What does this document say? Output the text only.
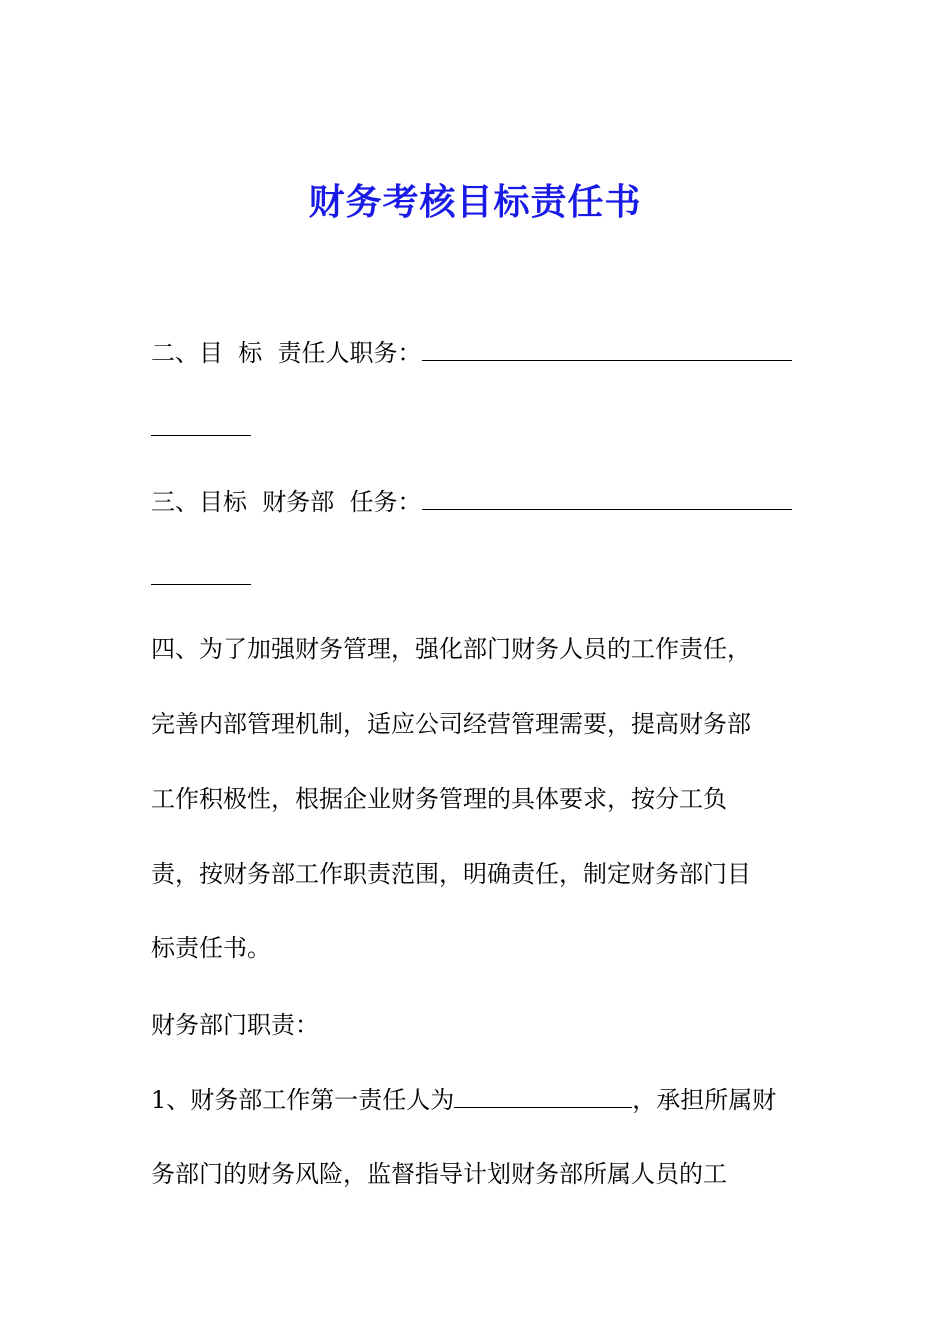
财务考核目标责任书
二、目  标  责任人职务：
三、目标  财务部  任务：
四、为了加强财务管理，强化部门财务人员的工作责任，
完善内部管理机制，适应公司经营管理需要，提高财务部
工作积极性，根据企业财务管理的具体要求，按分工负
责，按财务部工作职责范围，明确责任，制定财务部门目
标责任书。
财务部门职责：
1、财务部工作第一责任人为	，承担所属财
务部门的财务风险，监督指导计划财务部所属人员的工
